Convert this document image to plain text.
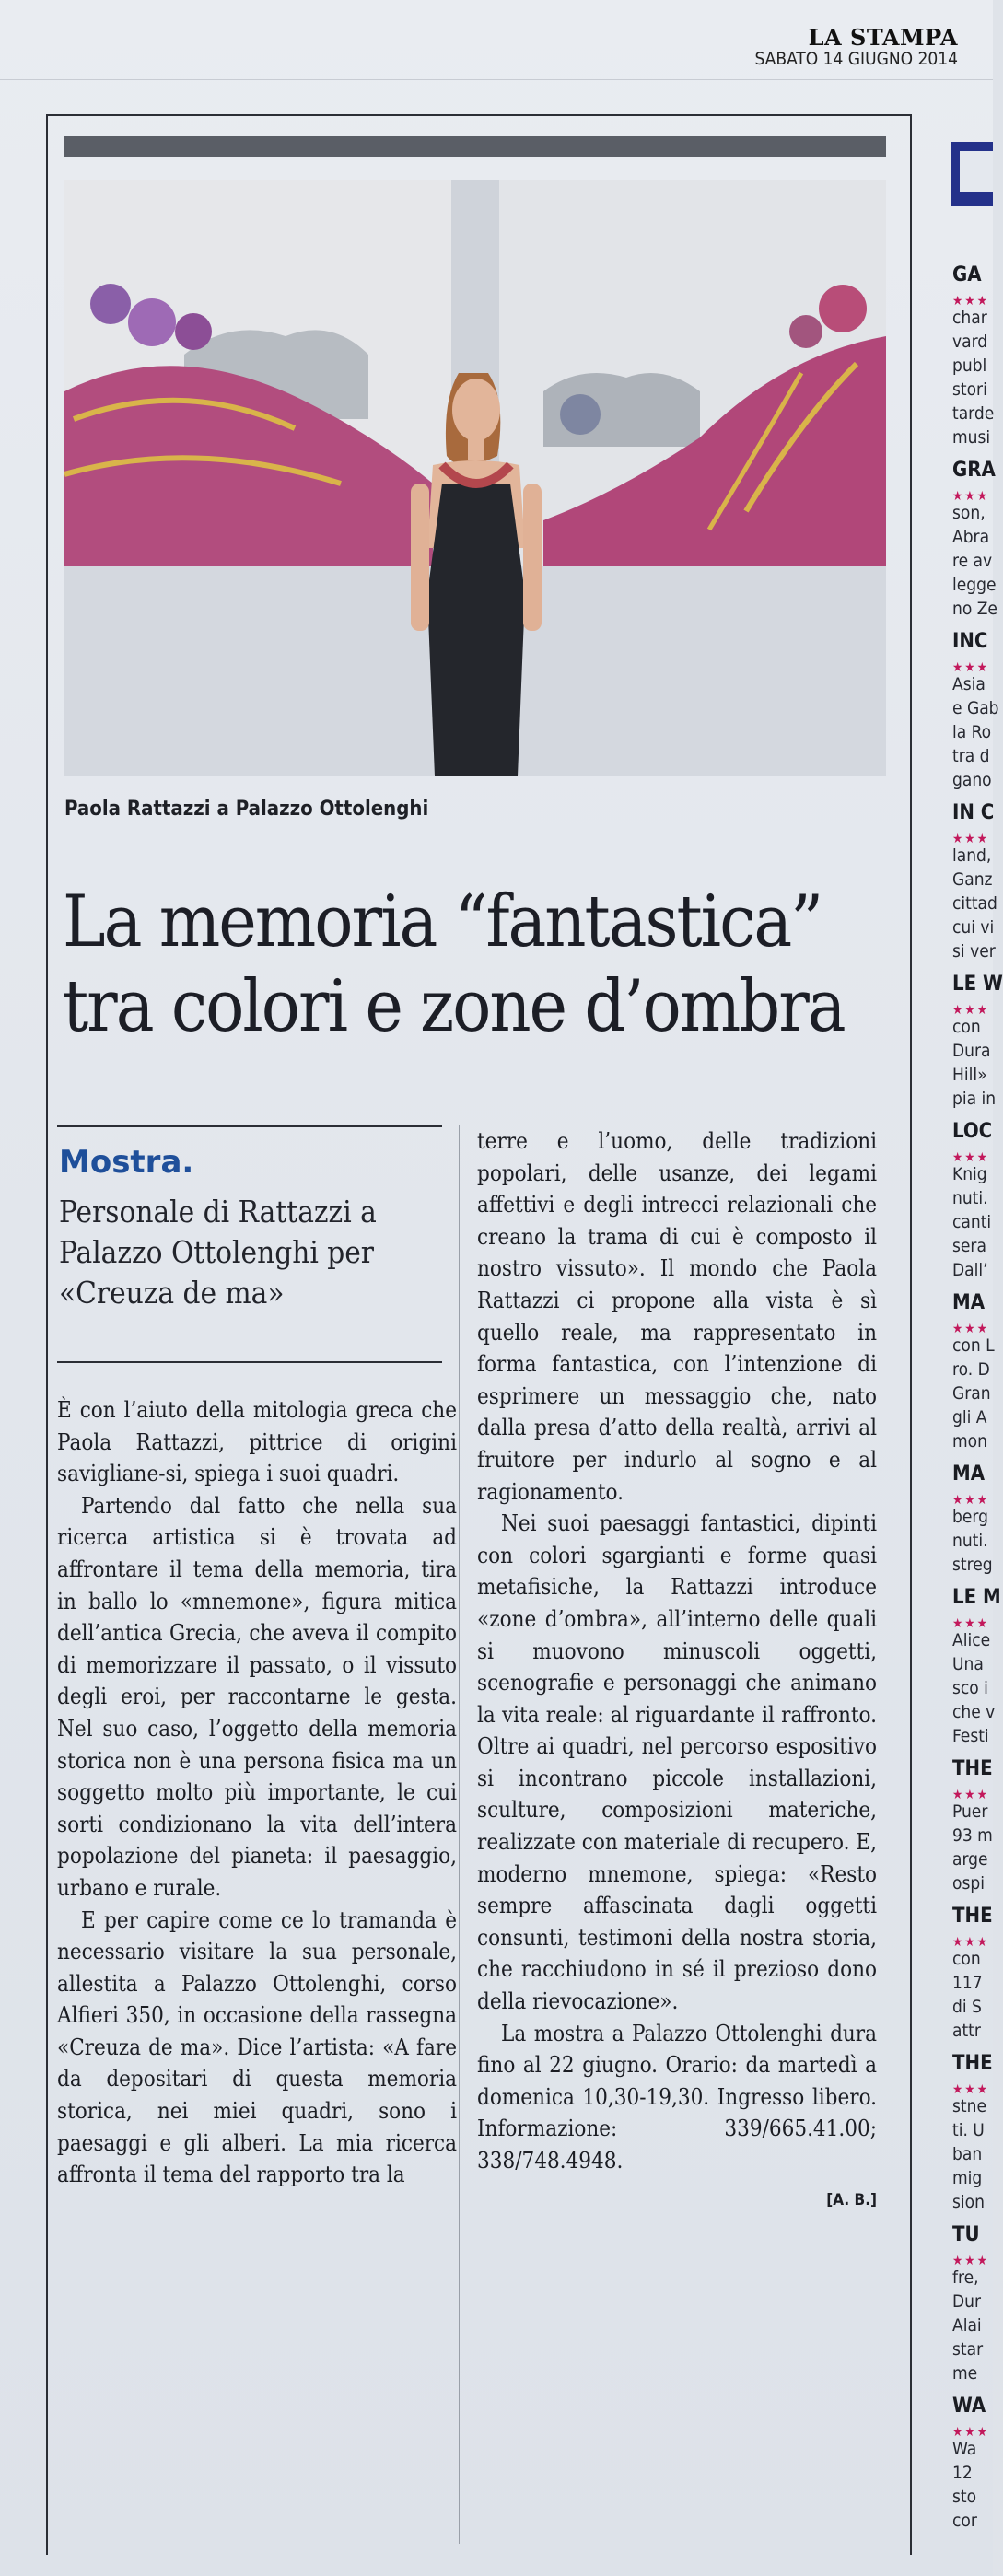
LA STAMPA
SABATO 14 GIUGNO 2014
Paola Rattazzi a Palazzo Ottolenghi
La memoria “fantastica”
tra colori e zone d’ombra
Mostra.
Personale di Rattazzi a Palazzo Ottolenghi per «Creuza de ma»

È con l’aiuto della mitologia greca che Paola Rattazzi, pittrice di origini savigliane-si, spiega i suoi quadri.

Partendo dal fatto che nella sua ricerca artistica si è trovata ad affrontare il tema della memoria, tira in ballo lo «mnemone», figura mitica dell’antica Grecia, che aveva il compito di memorizzare il passato, o il vissuto degli eroi, per raccontarne le gesta. Nel suo caso, l’oggetto della memoria storica non è una persona fisica ma un soggetto molto più importante, le cui sorti condizionano la vita dell’intera popolazione del pianeta: il paesaggio, urbano e rurale.

E per capire come ce lo tramanda è necessario visitare la sua personale, allestita a Palazzo Ottolenghi, corso Alfieri 350, in occasione della rassegna «Creuza de ma». Dice l’artista: «A fare da depositari di questa memoria storica, nei miei quadri, sono i paesaggi e gli alberi. La mia ricerca affronta il tema del rapporto tra la

terre e l’uomo, delle tradizioni popolari, delle usanze, dei legami affettivi e degli intrecci relazionali che creano la trama di cui è composto il nostro vissuto». Il mondo che Paola Rattazzi ci propone alla vista è sì quello reale, ma rappresentato in forma fantastica, con l’intenzione di esprimere un messaggio che, nato dalla presa d’atto della realtà, arrivi al fruitore per indurlo al sogno e al ragionamento.

Nei suoi paesaggi fantastici, dipinti con colori sgargianti e forme quasi metafisiche, la Rattazzi introduce «zone d’ombra», all’interno delle quali si muovono minuscoli oggetti, scenografie e personaggi che animano la vita reale: al riguardante il raffronto. Oltre ai quadri, nel percorso espositivo si incontrano piccole installazioni, sculture, composizioni materiche, realizzate con materiale di recupero. E, moderno mnemone, spiega: «Resto sempre affascinata dagli oggetti consunti, testimoni della nostra storia, che racchiudono in sé il prezioso dono della rievocazione».

La mostra a Palazzo Ottolenghi dura fino al 22 giugno. Orario: da martedì a domenica 10,30-19,30. Ingresso libero. Informazione: 339/665.41.00; 338/748.4948.

[A. B.]
GA
★★★
char
vard
publ
stori
tarde
musi
GRA
★★★
son,
Abra
re av
legge
no Ze
INC
★★★
Asia
e Gab
la Ro
tra d
gano
IN C
★★★
land,
Ganz
cittad
cui vi
si ver
LE W
★★★
con
Dura
Hill»
pia in
LOC
★★★
Knig
nuti.
canti
sera
Dall’
MA
★★★
con L
ro. D
Gran
gli A
mon
MA
★★★
berg
nuti.
streg
LE M
★★★
Alice
Una
sco i
che v
Festi
THE
★★★
Puer
93 m
arge
ospi
THE
★★★
con
117
di S
attr
THE
★★★
stne
ti. U
ban
mig
sion
TU
★★★
fre,
Dur
Alai
star
me
WA
★★★
Wa
12
sto
cor
